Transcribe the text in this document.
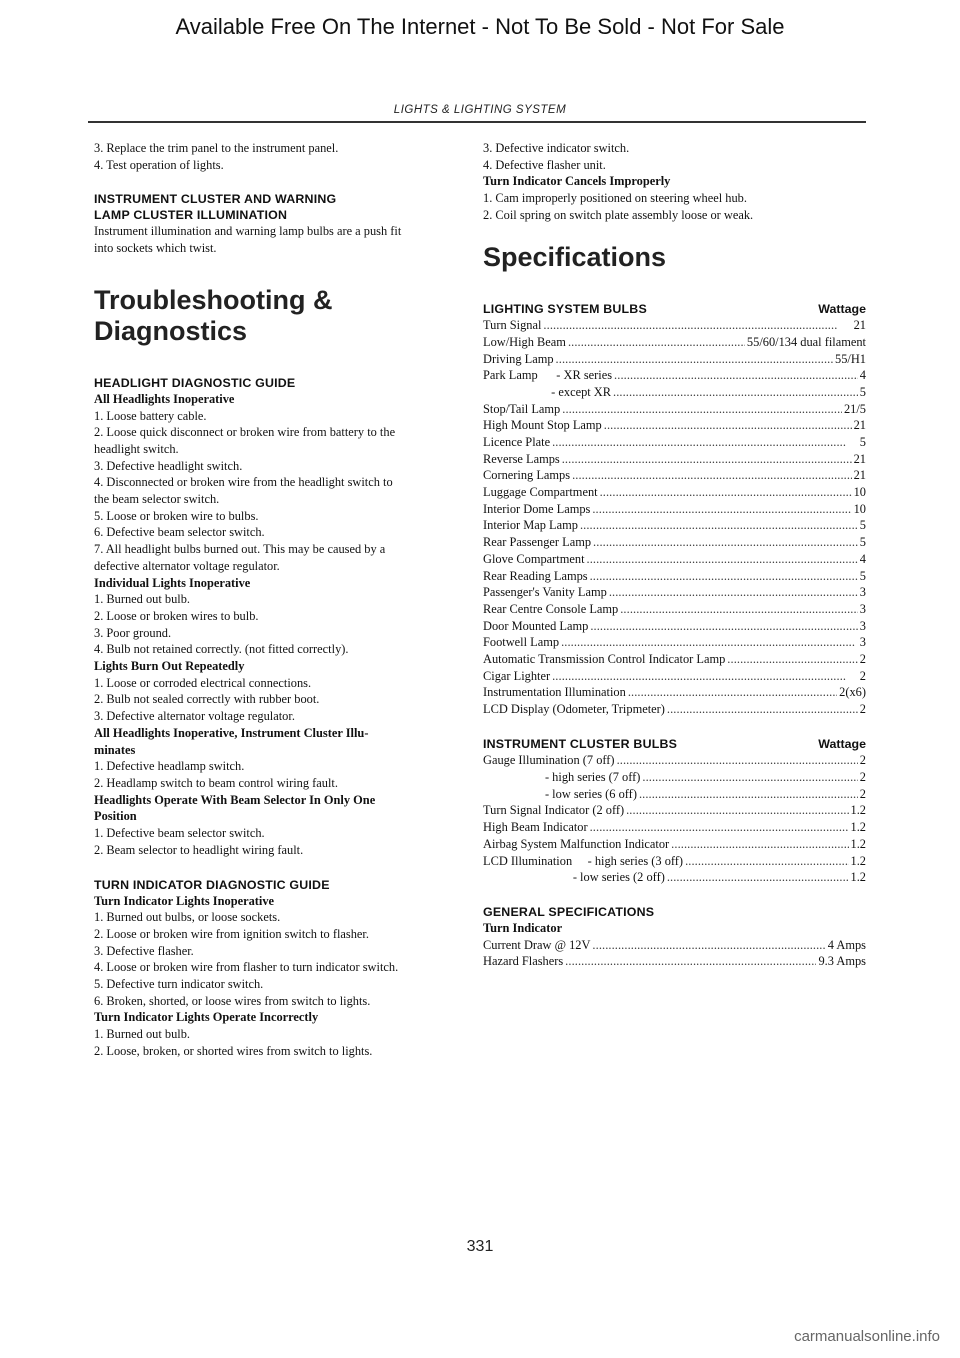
Available Free On The Internet - Not To Be Sold - Not For Sale
LIGHTS & LIGHTING SYSTEM
3. Replace the trim panel to the instrument panel.
4. Test operation of lights.
INSTRUMENT CLUSTER AND WARNING
LAMP CLUSTER ILLUMINATION
Instrument illumination and warning lamp bulbs are a push fit
into sockets which twist.
Troubleshooting &
Diagnostics
HEADLIGHT DIAGNOSTIC GUIDE
All Headlights Inoperative
1. Loose battery cable.
2. Loose quick disconnect or broken wire from battery to the
headlight switch.
3. Defective headlight switch.
4. Disconnected or broken wire from the headlight switch to
the beam selector switch.
5. Loose or broken wire to bulbs.
6. Defective beam selector switch.
7. All headlight bulbs burned out. This may be caused by a
defective alternator voltage regulator.
Individual Lights Inoperative
1. Burned out bulb.
2. Loose or broken wires to bulb.
3. Poor ground.
4. Bulb not retained correctly. (not fitted correctly).
Lights Burn Out Repeatedly
1. Loose or corroded electrical connections.
2. Bulb not sealed correctly with rubber boot.
3. Defective alternator voltage regulator.
All Headlights Inoperative, Instrument Cluster Illu-
minates
1. Defective headlamp switch.
2. Headlamp switch to beam control wiring fault.
Headlights Operate With Beam Selector In Only One
Position
1. Defective beam selector switch.
2. Beam selector to headlight wiring fault.
TURN INDICATOR DIAGNOSTIC GUIDE
Turn Indicator Lights Inoperative
1. Burned out bulbs, or loose sockets.
2. Loose or broken wire from ignition switch to flasher.
3. Defective flasher.
4. Loose or broken wire from flasher to turn indicator switch.
5. Defective turn indicator switch.
6. Broken, shorted, or loose wires from switch to lights.
Turn Indicator Lights Operate Incorrectly
1. Burned out bulb.
2. Loose, broken, or shorted wires from switch to lights.
3. Defective indicator switch.
4. Defective flasher unit.
Turn Indicator Cancels Improperly
1. Cam improperly positioned on steering wheel hub.
2. Coil spring on switch plate assembly loose or weak.
Specifications
LIGHTING SYSTEM BULBS	Wattage
Turn Signal . . .	21
Low/High Beam . . .	55/60/134 dual filament
Driving Lamp . . .	55/H1
Park Lamp      - XR series . . .	4
- except XR . . .	5
Stop/Tail Lamp . . .	21/5
High Mount Stop Lamp . . .	21
Licence Plate . . .	5
Reverse Lamps . . .	21
Cornering Lamps . . .	21
Luggage Compartment . . .	10
Interior Dome Lamps . . .	10
Interior Map Lamp . . .	5
Rear Passenger Lamp . . .	5
Glove Compartment . . .	4
Rear Reading Lamps . . .	5
Passenger's Vanity Lamp . . .	3
Rear Centre Console Lamp . . .	3
Door Mounted Lamp . . .	3
Footwell Lamp . . .	3
Automatic Transmission Control Indicator Lamp . . .	2
Cigar Lighter . . .	2
Instrumentation Illumination . . .	2(x6)
LCD Display (Odometer, Tripmeter) . . .	2
INSTRUMENT CLUSTER BULBS	Wattage
Gauge Illumination (7 off) . . .	2
- high series (7 off) . . .	2
- low series (6 off) . . .	2
Turn Signal Indicator (2 off) . . .	1.2
High Beam Indicator . . .	1.2
Airbag System Malfunction Indicator . . .	1.2
LCD Illumination     - high series (3 off) . . .	1.2
- low series (2 off) . . .	1.2
GENERAL SPECIFICATIONS
Turn Indicator
Current Draw @ 12V . . .	4 Amps
Hazard Flashers . . .	9.3 Amps
331
carmanualsonline.info
